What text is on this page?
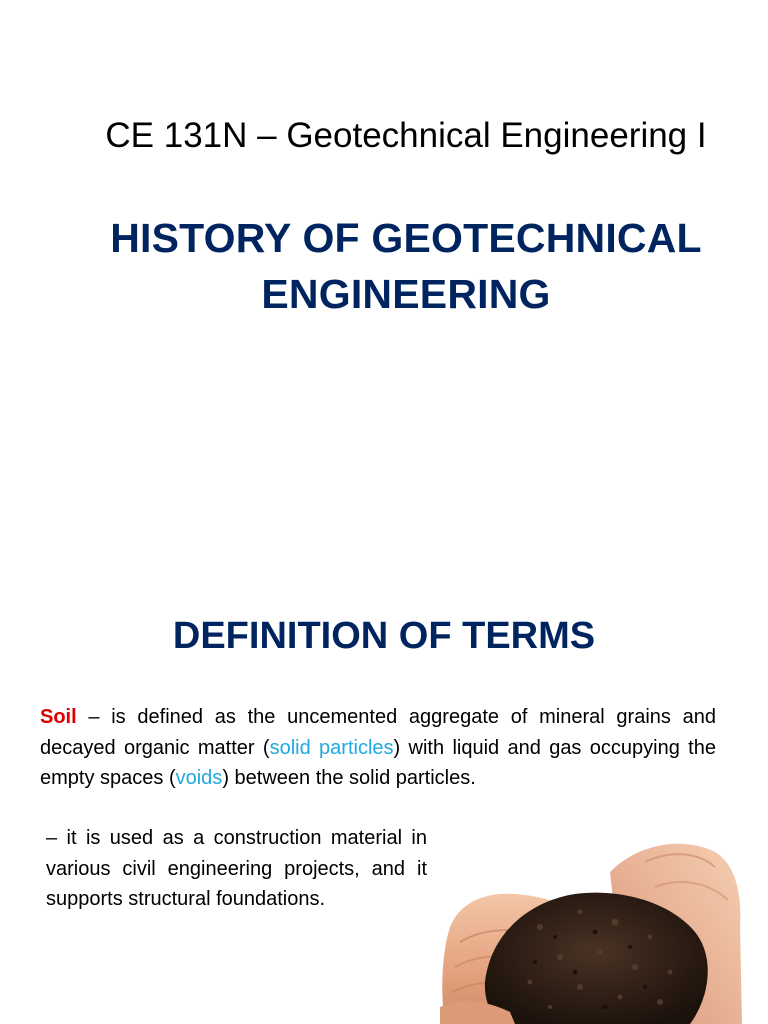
CE 131N – Geotechnical Engineering I
HISTORY OF GEOTECHNICAL
ENGINEERING
DEFINITION OF TERMS

Soil – is defined as the uncemented aggregate of mineral grains and decayed organic matter (solid particles) with liquid and gas occupying the empty spaces (voids) between the solid particles.

– it is used as a construction material in various civil engineering projects, and it supports structural foundations.
